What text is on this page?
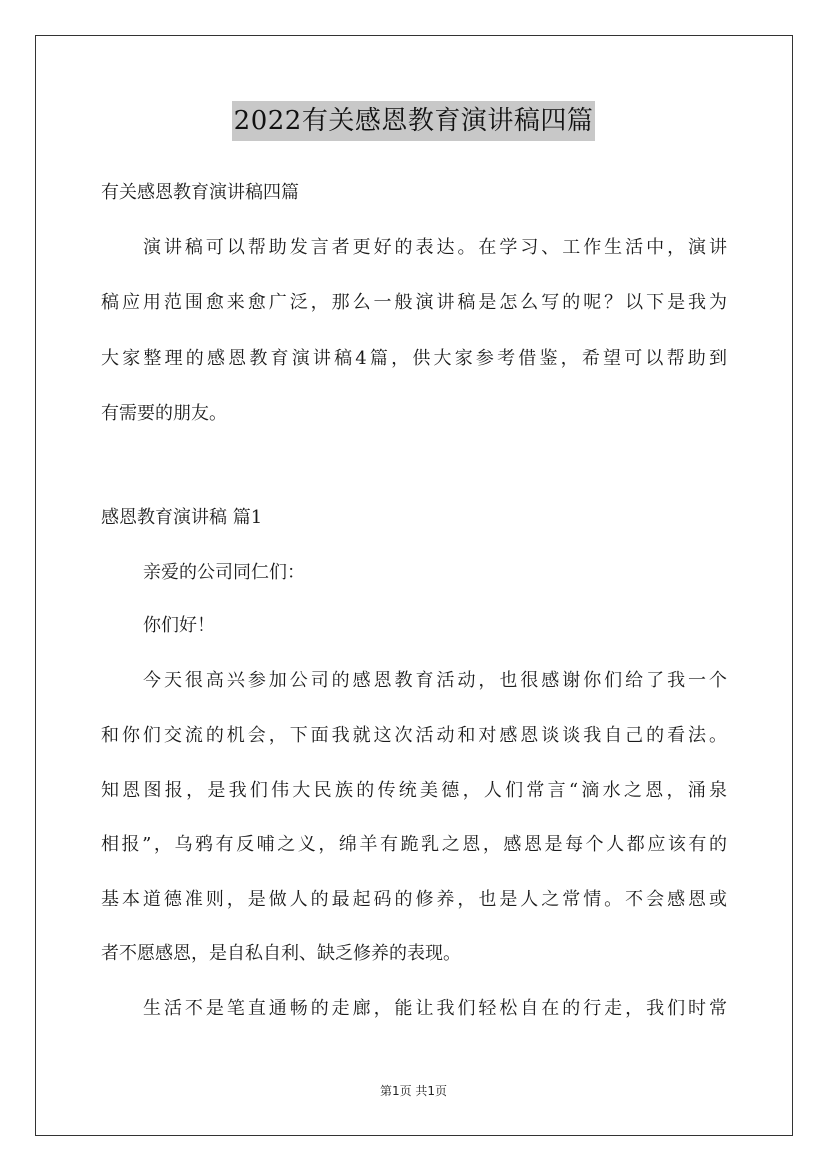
2022有关感恩教育演讲稿四篇
有关感恩教育演讲稿四篇
演讲稿可以帮助发言者更好的表达。在学习、工作生活中，演讲
稿应用范围愈来愈广泛，那么一般演讲稿是怎么写的呢？以下是我为
大家整理的感恩教育演讲稿4篇，供大家参考借鉴，希望可以帮助到
有需要的朋友。
感恩教育演讲稿 篇1
亲爱的公司同仁们：
你们好！
今天很高兴参加公司的感恩教育活动，也很感谢你们给了我一个
和你们交流的机会，下面我就这次活动和对感恩谈谈我自己的看法。
知恩图报，是我们伟大民族的传统美德，人们常言“滴水之恩，涌泉
相报”，乌鸦有反哺之义，绵羊有跪乳之恩，感恩是每个人都应该有的
基本道德准则，是做人的最起码的修养，也是人之常情。不会感恩或
者不愿感恩，是自私自利、缺乏修养的表现。
生活不是笔直通畅的走廊，能让我们轻松自在的行走，我们时常
第1页 共1页
